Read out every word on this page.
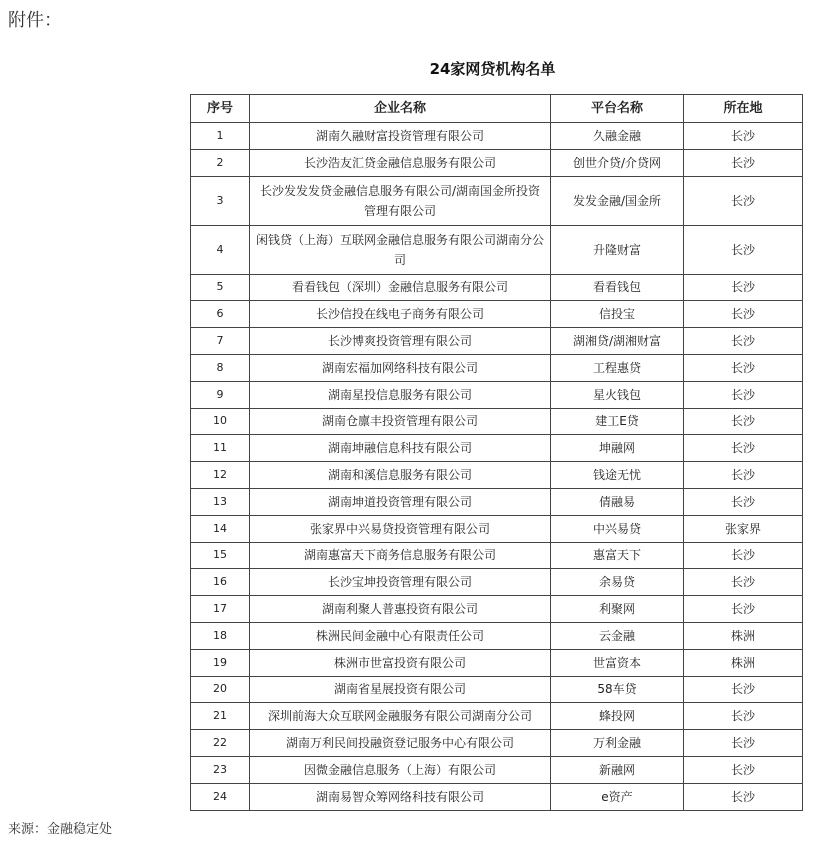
附件：
24家网贷机构名单
序号	企业名称	平台名称	所在地
1	湖南久融财富投资管理有限公司	久融金融	长沙
2	长沙浩友汇贷金融信息服务有限公司	创世介贷/介贷网	长沙
3	长沙发发发贷金融信息服务有限公司/湖南国金所投资管理有限公司	发发金融/国金所	长沙
4	闲钱贷（上海）互联网金融信息服务有限公司湖南分公司	升隆财富	长沙
5	看看钱包（深圳）金融信息服务有限公司	看看钱包	长沙
6	长沙信投在线电子商务有限公司	信投宝	长沙
7	长沙博爽投资管理有限公司	湖湘贷/湖湘财富	长沙
8	湖南宏福加网络科技有限公司	工程惠贷	长沙
9	湖南星投信息服务有限公司	星火钱包	长沙
10	湖南仓廪丰投资管理有限公司	建工E贷	长沙
11	湖南坤融信息科技有限公司	坤融网	长沙
12	湖南和溪信息服务有限公司	钱途无忧	长沙
13	湖南坤道投资管理有限公司	倩融易	长沙
14	张家界中兴易贷投资管理有限公司	中兴易贷	张家界
15	湖南惠富天下商务信息服务有限公司	惠富天下	长沙
16	长沙宝坤投资管理有限公司	余易贷	长沙
17	湖南利聚人普惠投资有限公司	利聚网	长沙
18	株洲民间金融中心有限责任公司	云金融	株洲
19	株洲市世富投资有限公司	世富资本	株洲
20	湖南省星展投资有限公司	58车贷	长沙
21	深圳前海大众互联网金融服务有限公司湖南分公司	蜂投网	长沙
22	湖南万利民间投融资登记服务中心有限公司	万利金融	长沙
23	因微金融信息服务（上海）有限公司	新融网	长沙
24	湖南易智众筹网络科技有限公司	e资产	长沙
来源：金融稳定处
